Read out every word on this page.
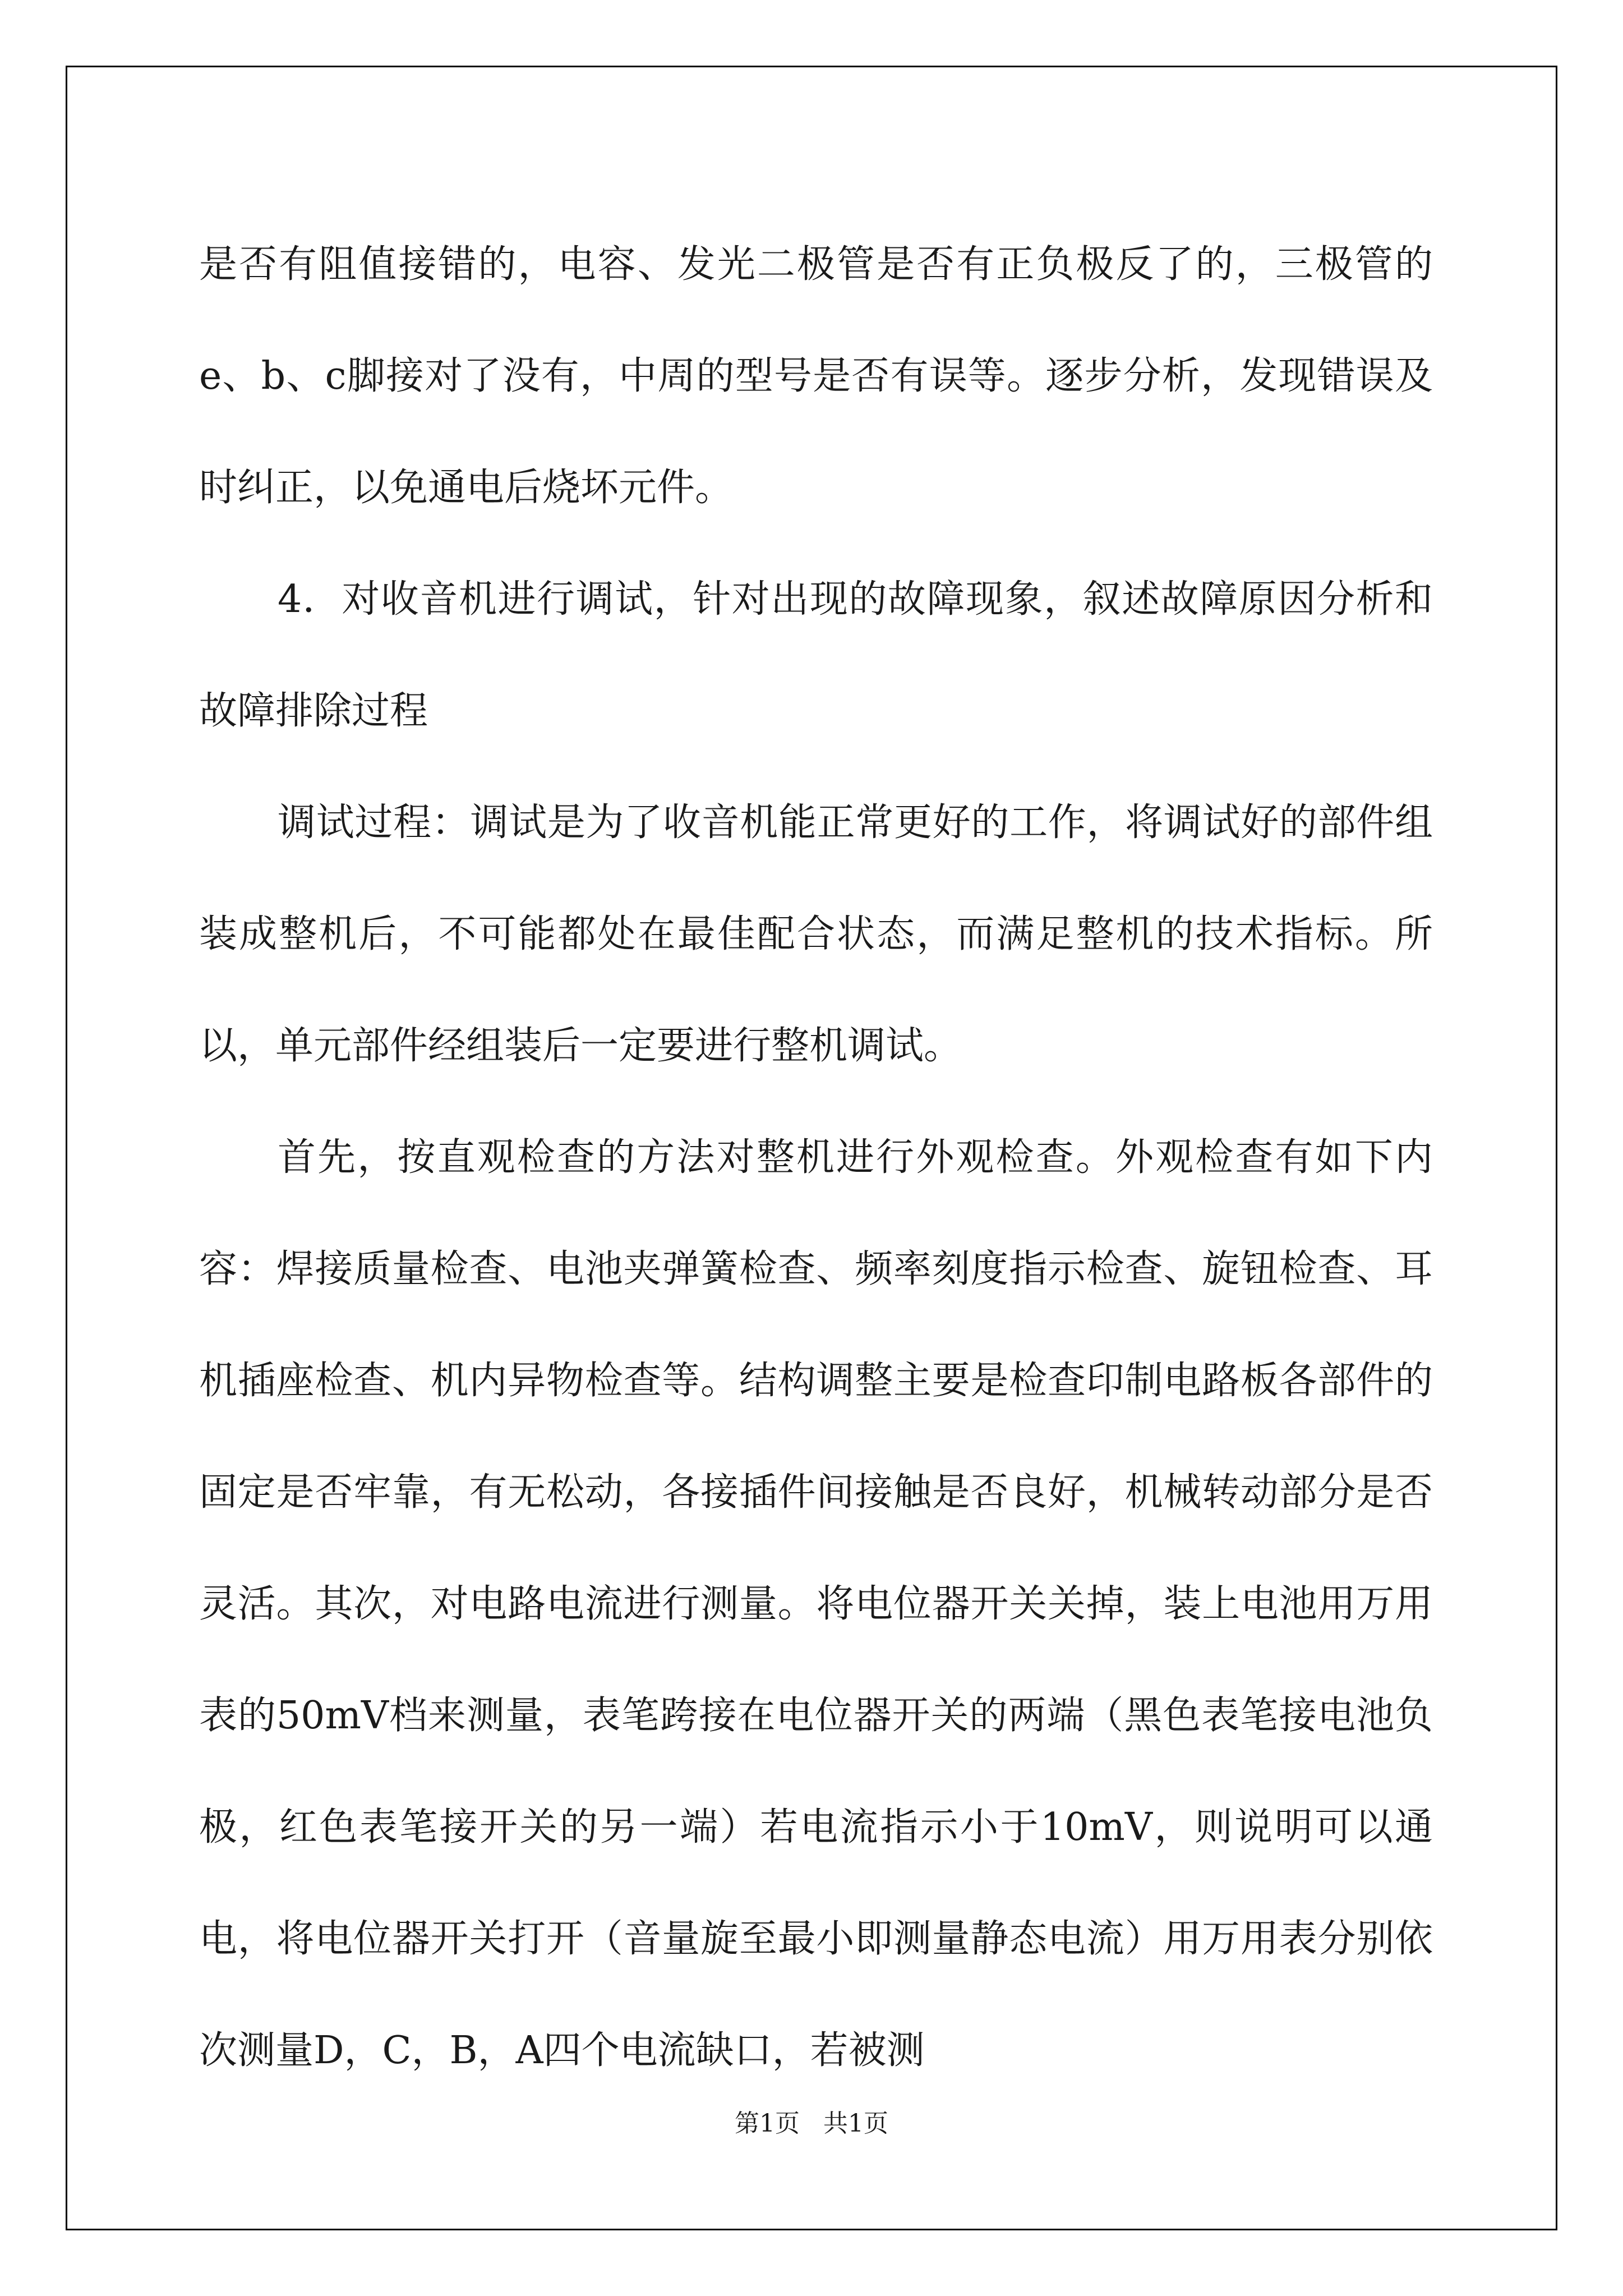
是否有阻值接错的，电容、发光二极管是否有正负极反了的，三极管的e、b、c脚接对了没有，中周的型号是否有误等。逐步分析，发现错误及时纠正，以免通电后烧坏元件。

4．对收音机进行调试，针对出现的故障现象，叙述故障原因分析和故障排除过程

调试过程：调试是为了收音机能正常更好的工作，将调试好的部件组装成整机后，不可能都处在最佳配合状态，而满足整机的技术指标。所以，单元部件经组装后一定要进行整机调试。

首先，按直观检查的方法对整机进行外观检查。外观检查有如下内容：焊接质量检查、电池夹弹簧检查、频率刻度指示检查、旋钮检查、耳机插座检查、机内异物检查等。结构调整主要是检查印制电路板各部件的固定是否牢靠，有无松动，各接插件间接触是否良好，机械转动部分是否灵活。其次，对电路电流进行测量。将电位器开关关掉，装上电池用万用表的50mV档来测量，表笔跨接在电位器开关的两端（黑色表笔接电池负极，红色表笔接开关的另一端）若电流指示小于10mV，则说明可以通电，将电位器开关打开（音量旋至最小即测量静态电流）用万用表分别依次测量D，C，B，A四个电流缺口，若被测

第1页 共1页
